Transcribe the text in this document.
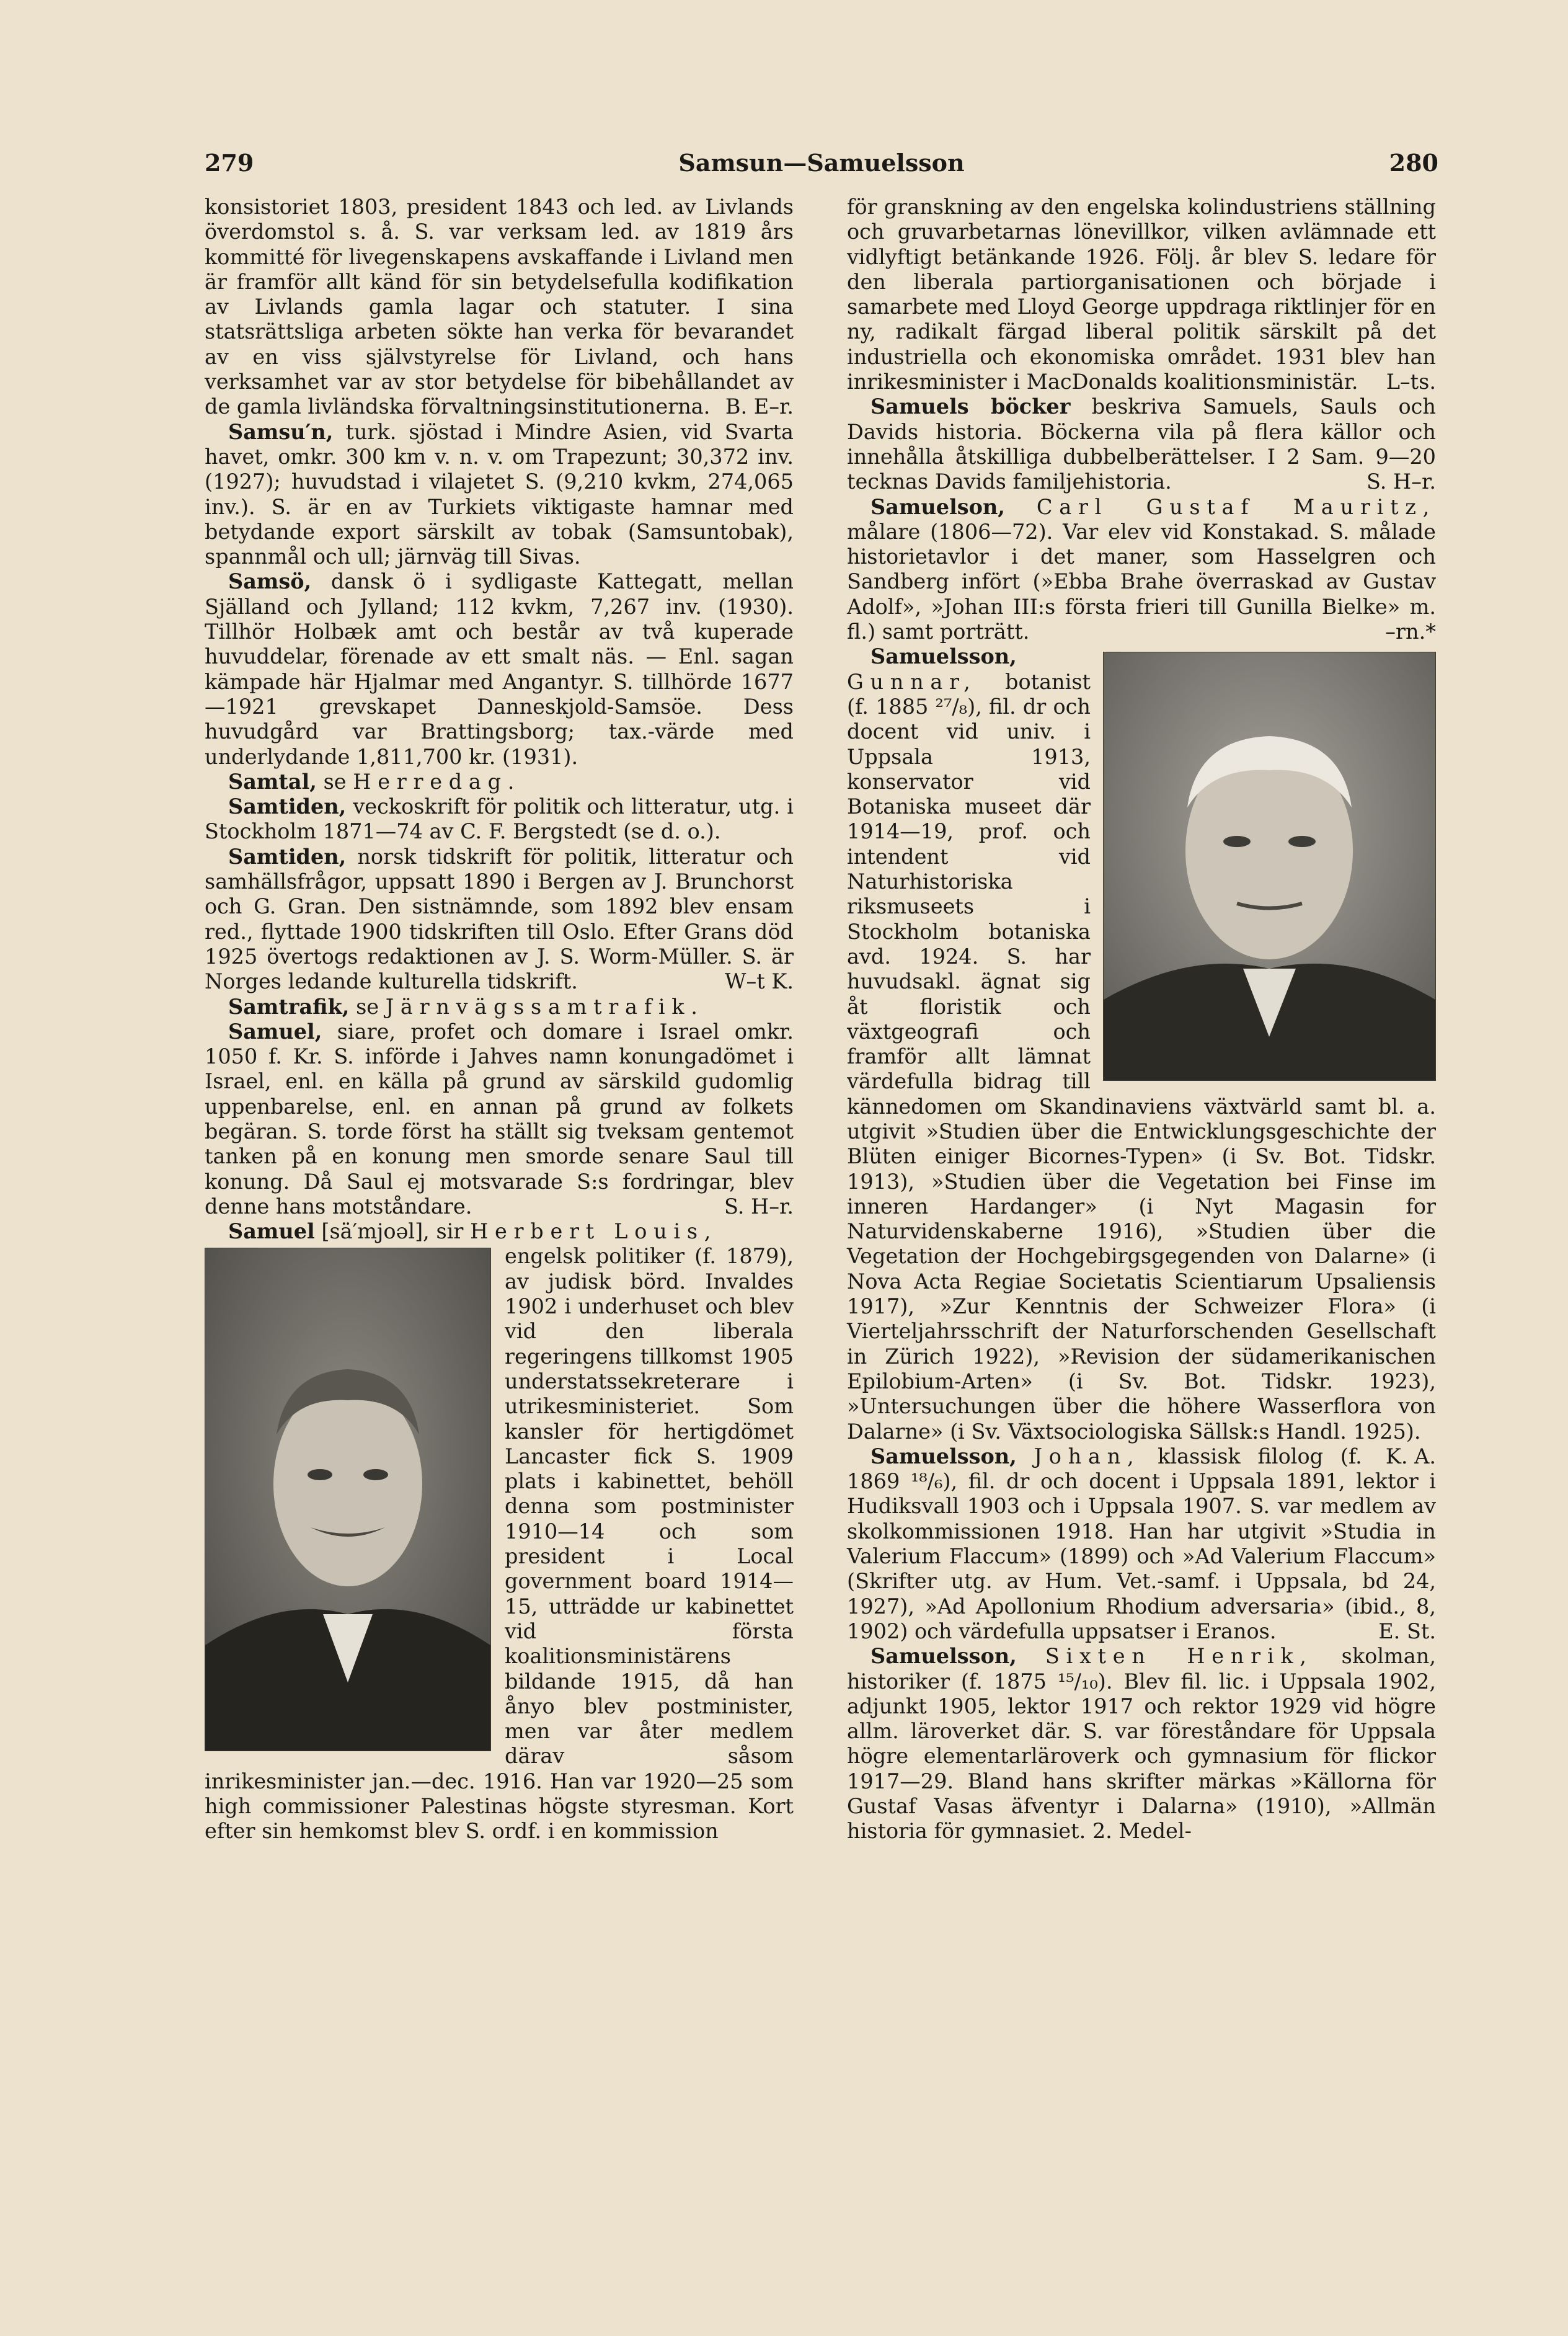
279	Samsun—Samuelsson	280

konsistoriet 1803, president 1843 och led. av Livlands överdomstol s. å. S. var verksam led. av 1819 års kommitté för livegenskapens avskaffande i Livland men är framför allt känd för sin betydelsefulla kodifikation av Livlands gamla lagar och statuter. I sina statsrättsliga arbeten sökte han verka för bevarandet av en viss självstyrelse för Livland, och hans verksamhet var av stor betydelse för bibehållandet av de gamla livländska förvaltningsinstitutionerna. B. E–r.

Samsu′n, turk. sjöstad i Mindre Asien, vid Svarta havet, omkr. 300 km v. n. v. om Trapezunt; 30,372 inv. (1927); huvudstad i vilajetet S. (9,210 kvkm, 274,065 inv.). S. är en av Turkiets viktigaste hamnar med betydande export särskilt av tobak (Samsuntobak), spannmål och ull; järnväg till Sivas.

Samsö, dansk ö i sydligaste Kattegatt, mellan Själland och Jylland; 112 kvkm, 7,267 inv. (1930). Tillhör Holbæk amt och består av två kuperade huvuddelar, förenade av ett smalt näs. — Enl. sagan kämpade här Hjalmar med Angantyr. S. tillhörde 1677—1921 grevskapet Danneskjold-Samsöe. Dess huvudgård var Brattingsborg; tax.-värde med underlydande 1,811,700 kr. (1931).

Samtal, se Herredag.

Samtiden, veckoskrift för politik och litteratur, utg. i Stockholm 1871—74 av C. F. Bergstedt (se d. o.).

Samtiden, norsk tidskrift för politik, litteratur och samhällsfrågor, uppsatt 1890 i Bergen av J. Brunchorst och G. Gran. Den sistnämnde, som 1892 blev ensam red., flyttade 1900 tidskriften till Oslo. Efter Grans död 1925 övertogs redaktionen av J. S. Worm-Müller. S. är Norges ledande kulturella tidskrift.	W–t K.

Samtrafik, se Järnvägssamtrafik.

Samuel, siare, profet och domare i Israel omkr. 1050 f. Kr. S. införde i Jahves namn konungadömet i Israel, enl. en källa på grund av särskild gudomlig uppenbarelse, enl. en annan på grund av folkets begäran. S. torde först ha ställt sig tveksam gentemot tanken på en konung men smorde senare Saul till konung. Då Saul ej motsvarade S:s fordringar, blev denne hans motståndare.	S. H–r.

Samuel [sä′mjoəl], sir Herbert Louis,

engelsk politiker (f. 1879), av judisk börd. Invaldes 1902 i underhuset och blev vid den liberala regeringens tillkomst 1905 understatssekreterare i utrikesministeriet. Som kansler för hertigdömet Lancaster fick S. 1909 plats i kabinettet, behöll denna som postminister 1910—14 och som president i Local government board 1914—15, utträdde ur kabinettet vid första koalitionsministärens bildande 1915, då han ånyo blev postminister, men var åter medlem därav såsom inrikesminister jan.—dec. 1916. Han var 1920—25 som high commissioner Palestinas högste styresman. Kort efter sin hemkomst blev S. ordf. i en kommission

för granskning av den engelska kolindustriens ställning och gruvarbetarnas lönevillkor, vilken avlämnade ett vidlyftigt betänkande 1926. Följ. år blev S. ledare för den liberala partiorganisationen och började i samarbete med Lloyd George uppdraga riktlinjer för en ny, radikalt färgad liberal politik särskilt på det industriella och ekonomiska området. 1931 blev han inrikesminister i MacDonalds koalitionsministär. L–ts.

Samuels böcker beskriva Samuels, Sauls och Davids historia. Böckerna vila på flera källor och innehålla åtskilliga dubbelberättelser. I 2 Sam. 9—20 tecknas Davids familjehistoria.	S. H–r.

Samuelson, Carl Gustaf Mauritz, målare (1806—72). Var elev vid Konstakad. S. målade historietavlor i det maner, som Hasselgren och Sandberg infört (»Ebba Brahe överraskad av Gustav Adolf», »Johan III:s första frieri till Gunilla Bielke» m. fl.) samt porträtt.	–rn.*

Samuelsson, Gunnar, botanist (f. 1885 ²⁷/₈), fil. dr och docent vid univ. i Uppsala 1913, konservator vid Botaniska museet där 1914—19, prof. och intendent vid Naturhistoriska riksmuseets i Stockholm botaniska avd. 1924. S. har huvudsakl. ägnat sig åt floristik och växtgeografi och framför allt lämnat värdefulla bidrag till kännedomen om Skandinaviens växtvärld samt bl. a. utgivit »Studien über die Entwicklungsgeschichte der Blüten einiger Bicornes-Typen» (i Sv. Bot. Tidskr. 1913), »Studien über die Vegetation bei Finse im inneren Hardanger» (i Nyt Magasin for Naturvidenskaberne 1916), »Studien über die Vegetation der Hochgebirgsgegenden von Dalarne» (i Nova Acta Regiae Societatis Scientiarum Upsaliensis 1917), »Zur Kenntnis der Schweizer Flora» (i Vierteljahrsschrift der Naturforschenden Gesellschaft in Zürich 1922), »Revision der südamerikanischen Epilobium-Arten» (i Sv. Bot. Tidskr. 1923), »Untersuchungen über die höhere Wasserflora von Dalarne» (i Sv. Växtsociologiska Sällsk:s Handl. 1925).
K. A.

Samuelsson, Johan, klassisk filolog (f. 1869 ¹⁸/₆), fil. dr och docent i Uppsala 1891, lektor i Hudiksvall 1903 och i Uppsala 1907. S. var medlem av skolkommissionen 1918. Han har utgivit »Studia in Valerium Flaccum» (1899) och »Ad Valerium Flaccum» (Skrifter utg. av Hum. Vet.-samf. i Uppsala, bd 24, 1927), »Ad Apollonium Rhodium adversaria» (ibid., 8, 1902) och värdefulla uppsatser i Eranos.	E. St.

Samuelsson, Sixten Henrik, skolman, historiker (f. 1875 ¹⁵/₁₀). Blev fil. lic. i Uppsala 1902, adjunkt 1905, lektor 1917 och rektor 1929 vid högre allm. läroverket där. S. var föreståndare för Uppsala högre elementarläroverk och gymnasium för flickor 1917—29. Bland hans skrifter märkas »Källorna för Gustaf Vasas äfventyr i Dalarna» (1910), »Allmän historia för gymnasiet. 2. Medel-
